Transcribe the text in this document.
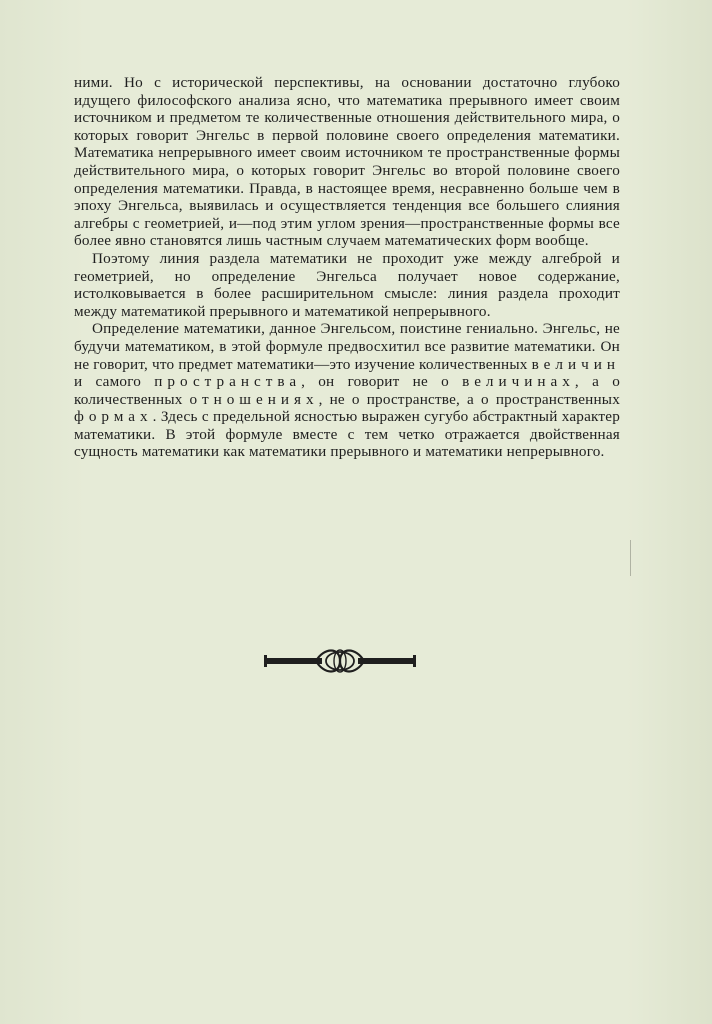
ними. Но с исторической перспективы, на основании достаточно глубоко идущего философского анализа ясно, что математика прерывного имеет своим источником и предметом те количественные отношения действительного мира, о которых говорит Энгельс в первой половине своего определения математики. Математика непрерывного имеет своим источником те пространственные формы действительного мира, о которых говорит Энгельс во второй половине своего определения математики. Правда, в настоящее время, несравненно больше чем в эпоху Энгельса, выявилась и осуществляется тенденция все большего слияния алгебры с геометрией, и—под этим углом зрения—пространственные формы все более явно становятся лишь частным случаем математических форм вообще.

Поэтому линия раздела математики не проходит уже между алгеброй и геометрией, но определение Энгельса получает новое содержание, истолковывается в более расширительном смысле: линия раздела проходит между математикой прерывного и математикой непрерывного.

Определение математики, данное Энгельсом, поистине гениально. Энгельс, не будучи математиком, в этой формуле предвосхитил все развитие математики. Он не говорит, что предмет математики—это изучение количественных величин и самого пространства, он говорит не о величинах, а о количественных отношениях, не о пространстве, а о пространственных формах. Здесь с предельной ясностью выражен сугубо абстрактный характер математики. В этой формуле вместе с тем четко отражается двойственная сущность математики как математики прерывного и математики непрерывного.
